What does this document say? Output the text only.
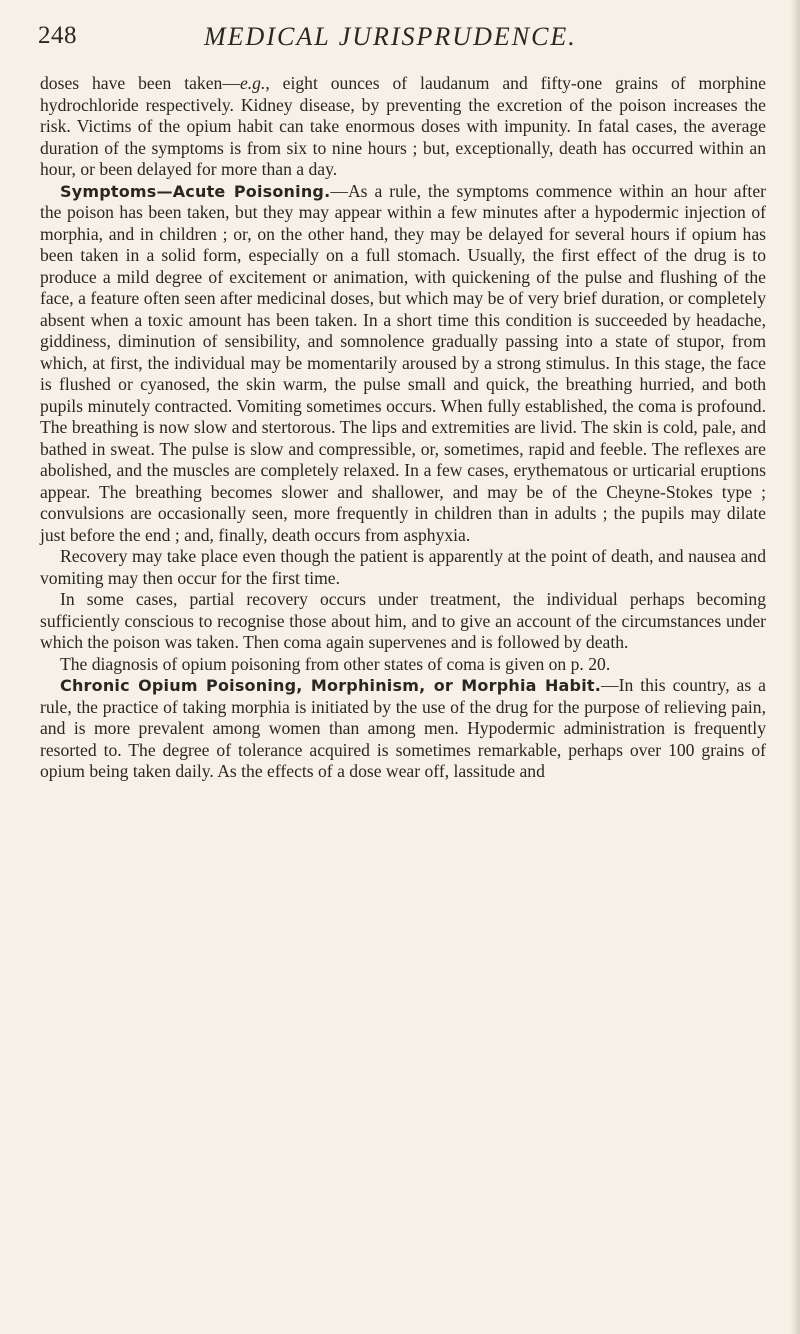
248	MEDICAL JURISPRUDENCE.

doses have been taken—e.g., eight ounces of laudanum and fifty-one grains of morphine hydrochloride respectively. Kidney disease, by preventing the excretion of the poison increases the risk. Victims of the opium habit can take enormous doses with impunity. In fatal cases, the average duration of the symptoms is from six to nine hours ; but, exceptionally, death has occurred within an hour, or been delayed for more than a day.

Symptoms—Acute Poisoning.—As a rule, the symptoms commence within an hour after the poison has been taken, but they may appear within a few minutes after a hypodermic injection of morphia, and in children ; or, on the other hand, they may be delayed for several hours if opium has been taken in a solid form, especially on a full stomach. Usually, the first effect of the drug is to produce a mild degree of excitement or animation, with quickening of the pulse and flushing of the face, a feature often seen after medicinal doses, but which may be of very brief duration, or completely absent when a toxic amount has been taken. In a short time this condition is succeeded by headache, giddiness, diminution of sensibility, and somnolence gradually passing into a state of stupor, from which, at first, the individual may be momentarily aroused by a strong stimulus. In this stage, the face is flushed or cyanosed, the skin warm, the pulse small and quick, the breathing hurried, and both pupils minutely contracted. Vomiting sometimes occurs. When fully established, the coma is profound. The breathing is now slow and stertorous. The lips and extremities are livid. The skin is cold, pale, and bathed in sweat. The pulse is slow and compressible, or, sometimes, rapid and feeble. The reflexes are abolished, and the muscles are completely relaxed. In a few cases, erythematous or urticarial eruptions appear. The breathing becomes slower and shallower, and may be of the Cheyne-Stokes type ; convulsions are occasionally seen, more frequently in children than in adults ; the pupils may dilate just before the end ; and, finally, death occurs from asphyxia.

Recovery may take place even though the patient is apparently at the point of death, and nausea and vomiting may then occur for the first time.

In some cases, partial recovery occurs under treatment, the individual perhaps becoming sufficiently conscious to recognise those about him, and to give an account of the circumstances under which the poison was taken. Then coma again supervenes and is followed by death.

The diagnosis of opium poisoning from other states of coma is given on p. 20.

Chronic Opium Poisoning, Morphinism, or Morphia Habit.—In this country, as a rule, the practice of taking morphia is initiated by the use of the drug for the purpose of relieving pain, and is more prevalent among women than among men. Hypodermic administration is frequently resorted to. The degree of tolerance acquired is sometimes remarkable, perhaps over 100 grains of opium being taken daily. As the effects of a dose wear off, lassitude and
